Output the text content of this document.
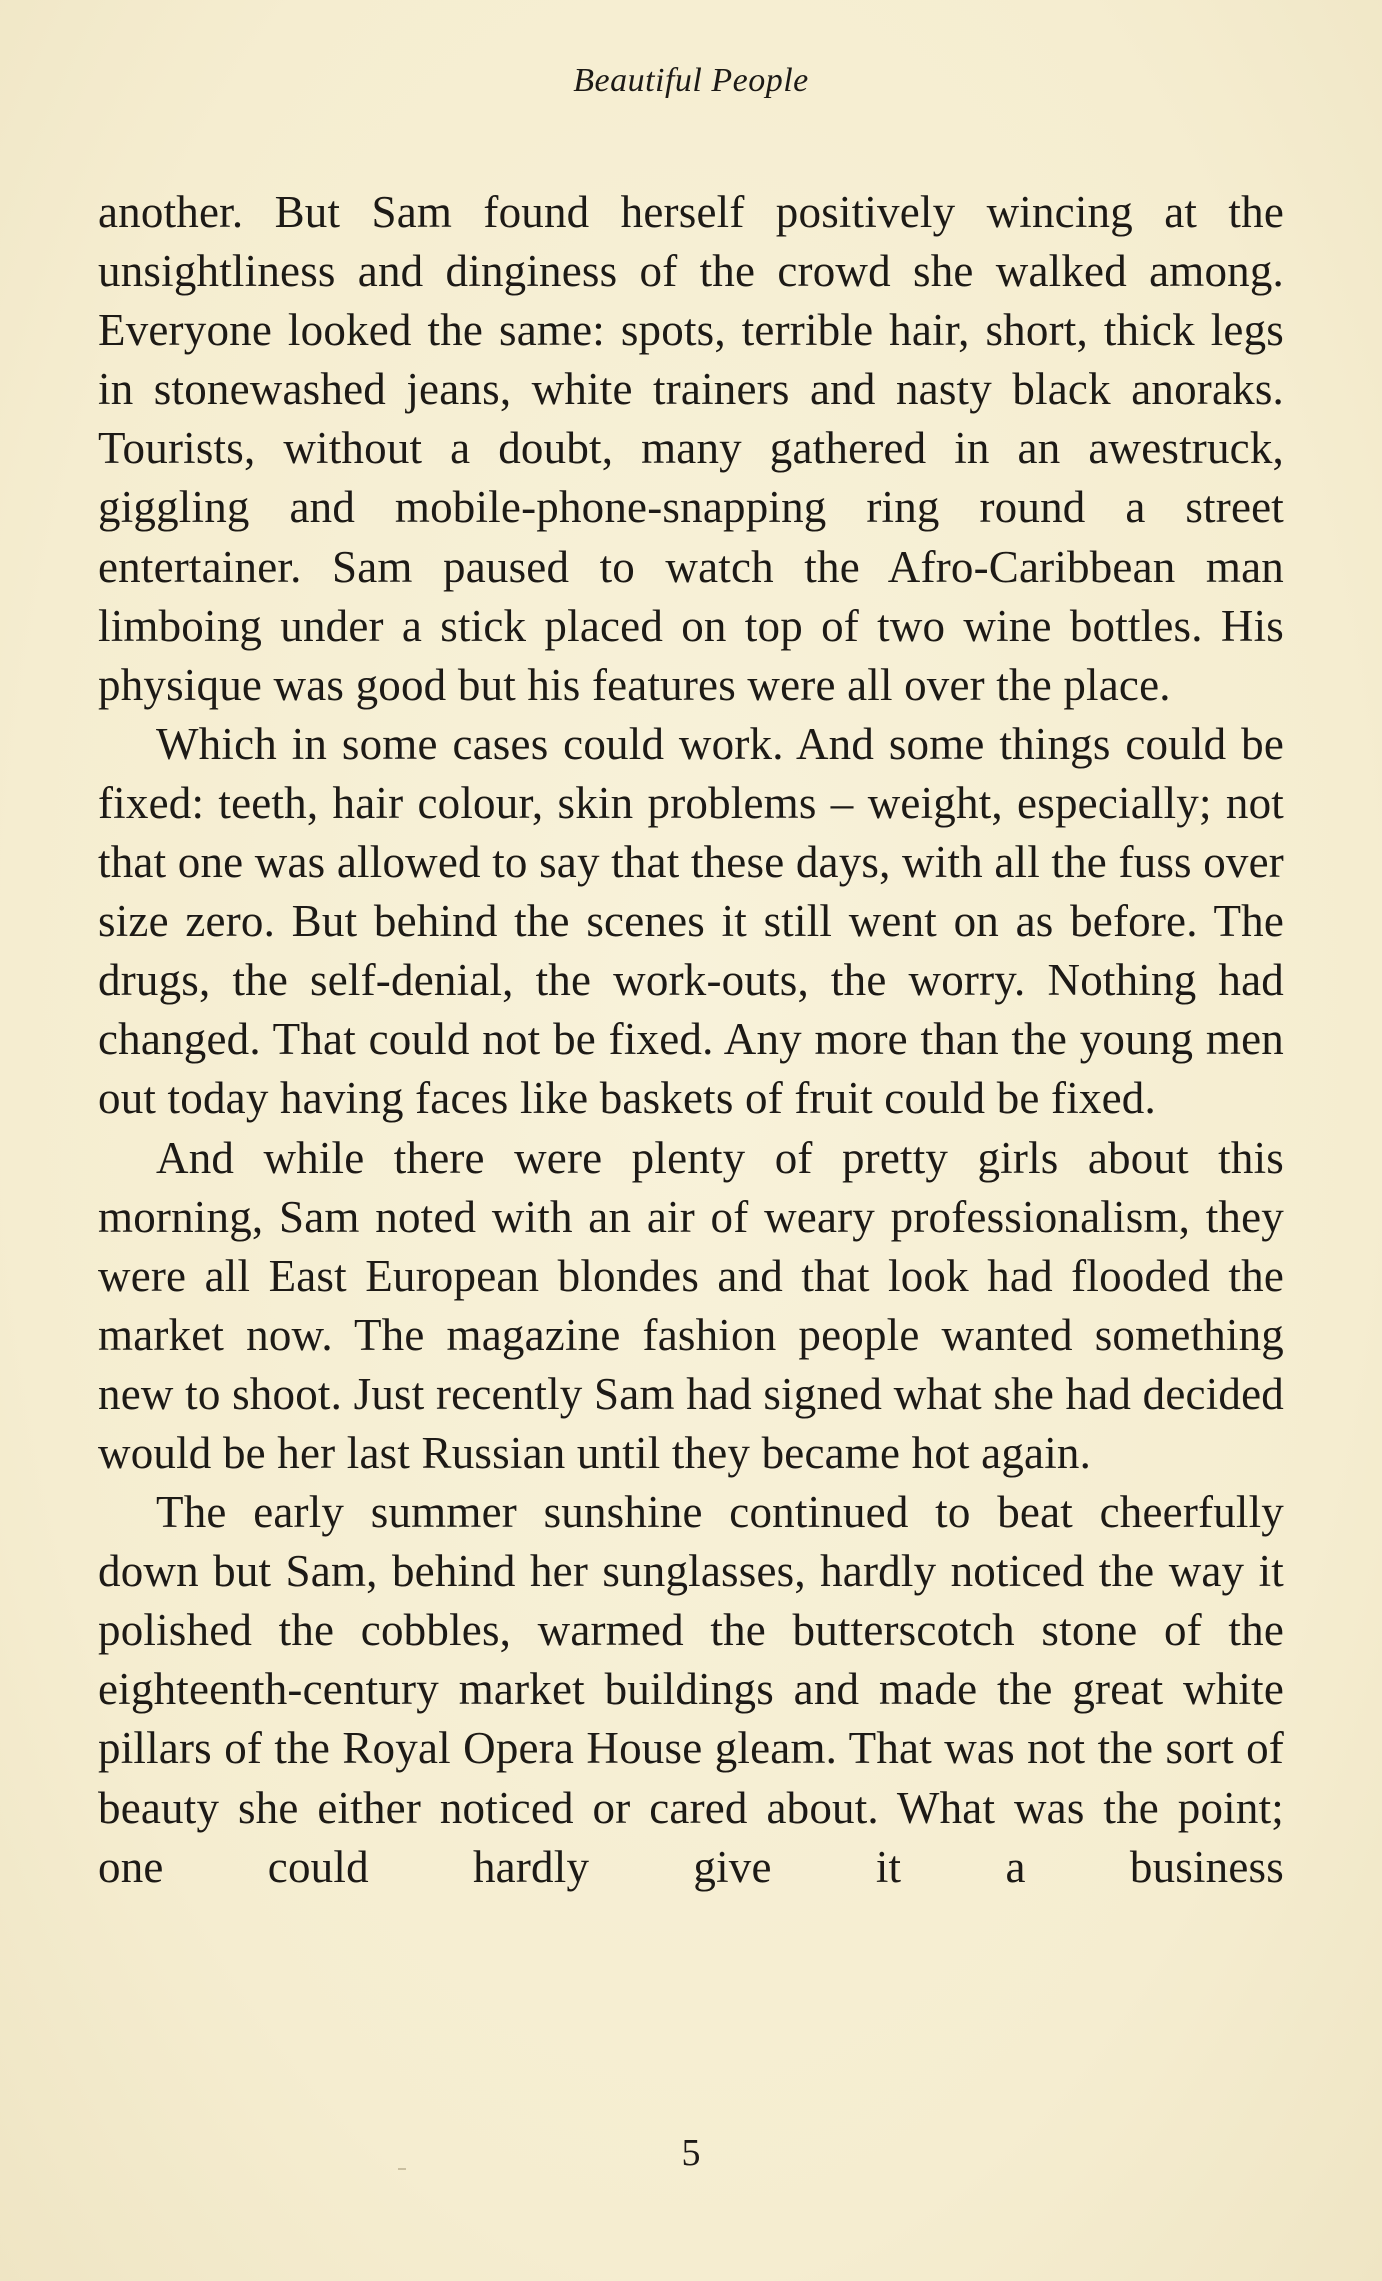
Beautiful People

another. But Sam found herself positively wincing at the unsightliness and dinginess of the crowd she walked among. Everyone looked the same: spots, terrible hair, short, thick legs in stonewashed jeans, white trainers and nasty black anoraks. Tourists, without a doubt, many gathered in an awestruck, giggling and mobile-phone-snapping ring round a street entertainer. Sam paused to watch the Afro-Caribbean man limboing under a stick placed on top of two wine bottles. His physique was good but his features were all over the place.

Which in some cases could work. And some things could be fixed: teeth, hair colour, skin problems – weight, especially; not that one was allowed to say that these days, with all the fuss over size zero. But behind the scenes it still went on as before. The drugs, the self-denial, the work-outs, the worry. Nothing had changed. That could not be fixed. Any more than the young men out today having faces like baskets of fruit could be fixed.

And while there were plenty of pretty girls about this morning, Sam noted with an air of weary professionalism, they were all East European blondes and that look had flooded the market now. The magazine fashion people wanted something new to shoot. Just recently Sam had signed what she had decided would be her last Russian until they became hot again.

The early summer sunshine continued to beat cheerfully down but Sam, behind her sunglasses, hardly noticed the way it polished the cobbles, warmed the butterscotch stone of the eighteenth-century market buildings and made the great white pillars of the Royal Opera House gleam. That was not the sort of beauty she either noticed or cared about. What was the point; one could hardly give it a business

5
